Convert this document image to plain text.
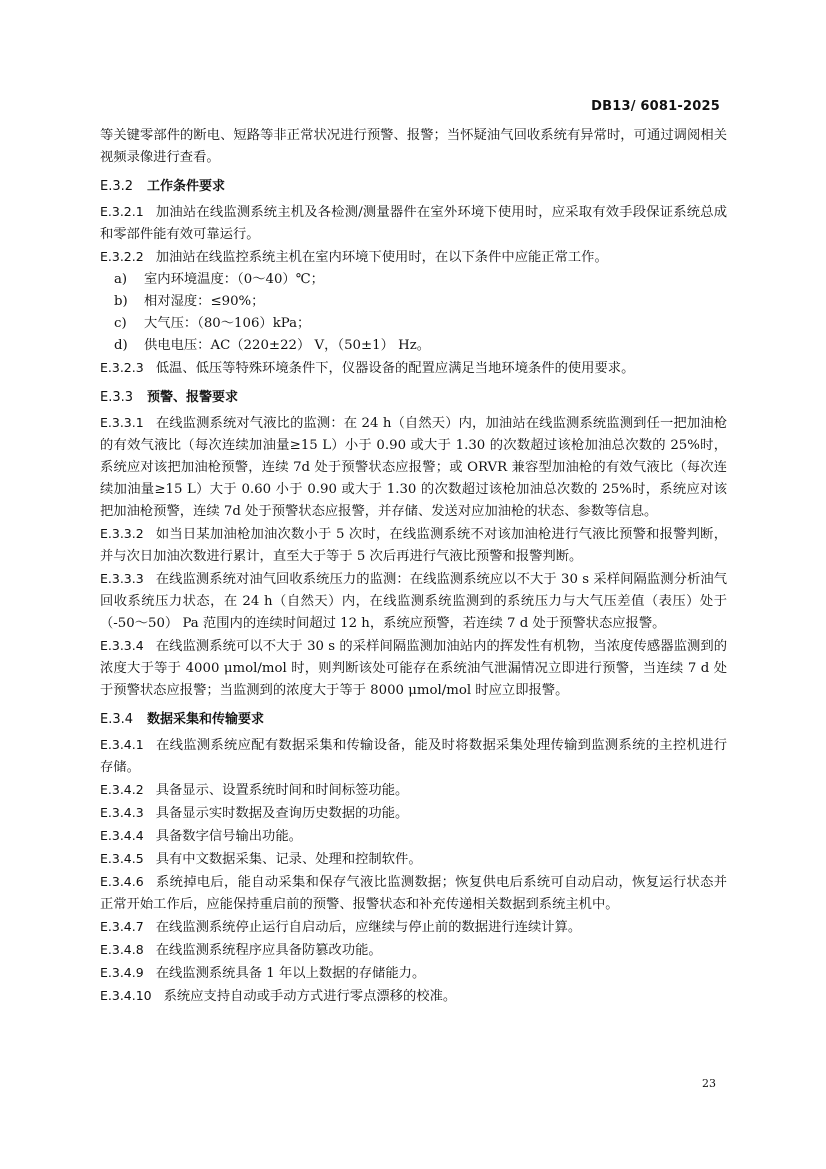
DB13/ 6081-2025

等关键零部件的断电、短路等非正常状况进行预警、报警；当怀疑油气回收系统有异常时，可通过调阅相关视频录像进行查看。

E.3.2 工作条件要求

E.3.2.1 加油站在线监测系统主机及各检测/测量器件在室外环境下使用时，应采取有效手段保证系统总成和零部件能有效可靠运行。

E.3.2.2 加油站在线监控系统主机在室内环境下使用时，在以下条件中应能正常工作。

a) 室内环境温度：（0～40）℃；
b) 相对湿度：≤90%；
c) 大气压：（80～106）kPa；
d) 供电电压：AC（220±22） V，（50±1） Hz。

E.3.2.3 低温、低压等特殊环境条件下，仪器设备的配置应满足当地环境条件的使用要求。

E.3.3 预警、报警要求

E.3.3.1 在线监测系统对气液比的监测：在 24 h（自然天）内，加油站在线监测系统监测到任一把加油枪的有效气液比（每次连续加油量≥15 L）小于 0.90 或大于 1.30 的次数超过该枪加油总次数的 25%时，系统应对该把加油枪预警，连续 7d 处于预警状态应报警；或 ORVR 兼容型加油枪的有效气液比（每次连续加油量≥15 L）大于 0.60 小于 0.90 或大于 1.30 的次数超过该枪加油总次数的 25%时，系统应对该把加油枪预警，连续 7d 处于预警状态应报警，并存储、发送对应加油枪的状态、参数等信息。

E.3.3.2 如当日某加油枪加油次数小于 5 次时，在线监测系统不对该加油枪进行气液比预警和报警判断，并与次日加油次数进行累计，直至大于等于 5 次后再进行气液比预警和报警判断。

E.3.3.3 在线监测系统对油气回收系统压力的监测：在线监测系统应以不大于 30 s 采样间隔监测分析油气回收系统压力状态，在 24 h（自然天）内，在线监测系统监测到的系统压力与大气压差值（表压）处于（-50～50） Pa 范围内的连续时间超过 12 h，系统应预警，若连续 7 d 处于预警状态应报警。

E.3.3.4 在线监测系统可以不大于 30 s 的采样间隔监测加油站内的挥发性有机物，当浓度传感器监测到的浓度大于等于 4000 μmol/mol 时，则判断该处可能存在系统油气泄漏情况立即进行预警，当连续 7 d 处于预警状态应报警；当监测到的浓度大于等于 8000 μmol/mol 时应立即报警。

E.3.4 数据采集和传输要求

E.3.4.1 在线监测系统应配有数据采集和传输设备，能及时将数据采集处理传输到监测系统的主控机进行存储。

E.3.4.2 具备显示、设置系统时间和时间标签功能。

E.3.4.3 具备显示实时数据及查询历史数据的功能。

E.3.4.4 具备数字信号输出功能。

E.3.4.5 具有中文数据采集、记录、处理和控制软件。

E.3.4.6 系统掉电后，能自动采集和保存气液比监测数据；恢复供电后系统可自动启动，恢复运行状态并正常开始工作后，应能保持重启前的预警、报警状态和补充传递相关数据到系统主机中。

E.3.4.7 在线监测系统停止运行自启动后，应继续与停止前的数据进行连续计算。

E.3.4.8 在线监测系统程序应具备防篡改功能。

E.3.4.9 在线监测系统具备 1 年以上数据的存储能力。

E.3.4.10 系统应支持自动或手动方式进行零点漂移的校准。

23
